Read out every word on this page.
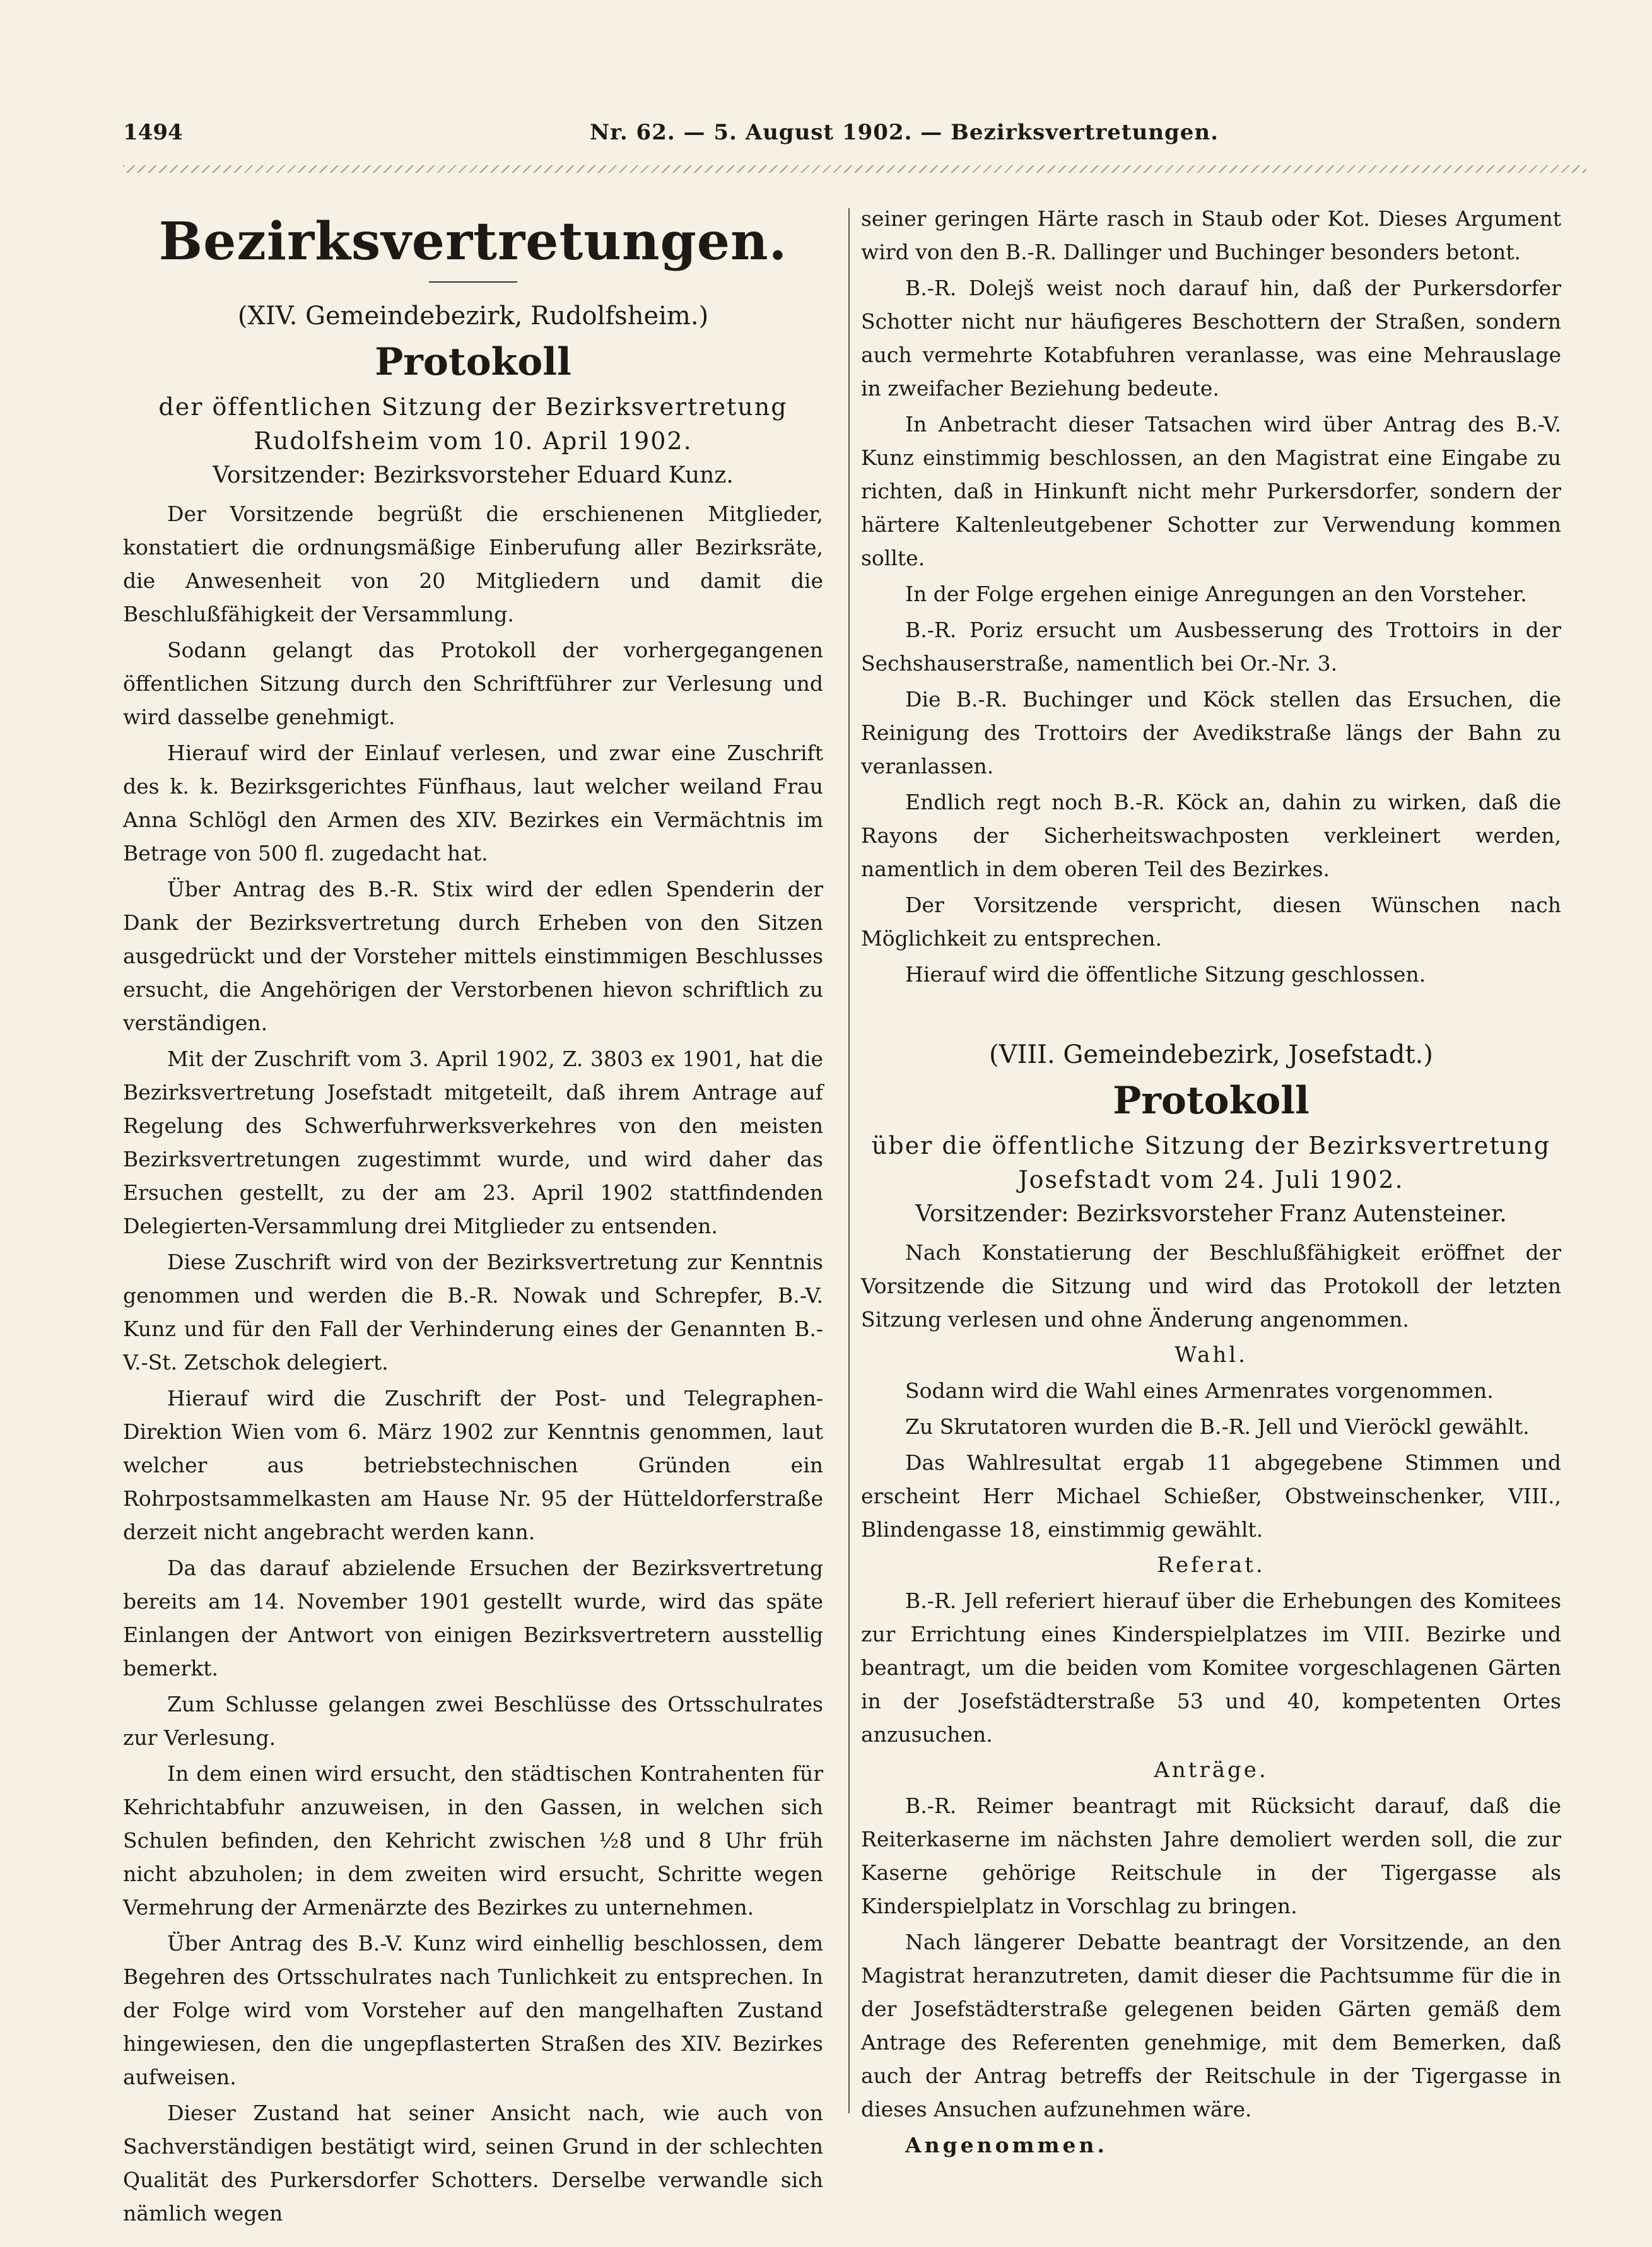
1494	Nr. 62. — 5. August 1902. — Bezirksvertretungen.
Bezirksvertretungen.
(XIV. Gemeindebezirk, Rudolfsheim.)
Protokoll
der öffentlichen Sitzung der Bezirksvertretung
Rudolfsheim vom 10. April 1902.
Vorsitzender: Bezirksvorsteher Eduard Kunz.

Der Vorsitzende begrüßt die erschienenen Mitglieder, konstatiert die ordnungsmäßige Einberufung aller Bezirksräte, die Anwesenheit von 20 Mitgliedern und damit die Beschlußfähigkeit der Versammlung.

Sodann gelangt das Protokoll der vorhergegangenen öffentlichen Sitzung durch den Schriftführer zur Verlesung und wird dasselbe genehmigt.

Hierauf wird der Einlauf verlesen, und zwar eine Zuschrift des k. k. Bezirksgerichtes Fünfhaus, laut welcher weiland Frau Anna Schlögl den Armen des XIV. Bezirkes ein Vermächtnis im Betrage von 500 fl. zugedacht hat.

Über Antrag des B.-R. Stix wird der edlen Spenderin der Dank der Bezirksvertretung durch Erheben von den Sitzen ausgedrückt und der Vorsteher mittels einstimmigen Beschlusses ersucht, die Angehörigen der Verstorbenen hievon schriftlich zu verständigen.

Mit der Zuschrift vom 3. April 1902, Z. 3803 ex 1901, hat die Bezirksvertretung Josefstadt mitgeteilt, daß ihrem Antrage auf Regelung des Schwerfuhrwerksverkehres von den meisten Bezirksvertretungen zugestimmt wurde, und wird daher das Ersuchen gestellt, zu der am 23. April 1902 stattfindenden Delegierten-Versammlung drei Mitglieder zu entsenden.

Diese Zuschrift wird von der Bezirksvertretung zur Kenntnis genommen und werden die B.-R. Nowak und Schrepfer, B.-V. Kunz und für den Fall der Verhinderung eines der Genannten B.-V.-St. Zetschok delegiert.

Hierauf wird die Zuschrift der Post- und Telegraphen-Direktion Wien vom 6. März 1902 zur Kenntnis genommen, laut welcher aus betriebstechnischen Gründen ein Rohrpostsammelkasten am Hause Nr. 95 der Hütteldorferstraße derzeit nicht angebracht werden kann.

Da das darauf abzielende Ersuchen der Bezirksvertretung bereits am 14. November 1901 gestellt wurde, wird das späte Einlangen der Antwort von einigen Bezirksvertretern ausstellig bemerkt.

Zum Schlusse gelangen zwei Beschlüsse des Ortsschulrates zur Verlesung.

In dem einen wird ersucht, den städtischen Kontrahenten für Kehrichtabfuhr anzuweisen, in den Gassen, in welchen sich Schulen befinden, den Kehricht zwischen ½8 und 8 Uhr früh nicht abzuholen; in dem zweiten wird ersucht, Schritte wegen Vermehrung der Armenärzte des Bezirkes zu unternehmen.

Über Antrag des B.-V. Kunz wird einhellig beschlossen, dem Begehren des Ortsschulrates nach Tunlichkeit zu entsprechen. In der Folge wird vom Vorsteher auf den mangelhaften Zustand hingewiesen, den die ungepflasterten Straßen des XIV. Bezirkes aufweisen.

Dieser Zustand hat seiner Ansicht nach, wie auch von Sachverständigen bestätigt wird, seinen Grund in der schlechten Qualität des Purkersdorfer Schotters. Derselbe verwandle sich nämlich wegen

seiner geringen Härte rasch in Staub oder Kot. Dieses Argument wird von den B.-R. Dallinger und Buchinger besonders betont.

B.-R. Dolejš weist noch darauf hin, daß der Purkersdorfer Schotter nicht nur häufigeres Beschottern der Straßen, sondern auch vermehrte Kotabfuhren veranlasse, was eine Mehrauslage in zweifacher Beziehung bedeute.

In Anbetracht dieser Tatsachen wird über Antrag des B.-V. Kunz einstimmig beschlossen, an den Magistrat eine Eingabe zu richten, daß in Hinkunft nicht mehr Purkersdorfer, sondern der härtere Kaltenleutgebener Schotter zur Verwendung kommen sollte.

In der Folge ergehen einige Anregungen an den Vorsteher.

B.-R. Poriz ersucht um Ausbesserung des Trottoirs in der Sechshauserstraße, namentlich bei Or.-Nr. 3.

Die B.-R. Buchinger und Köck stellen das Ersuchen, die Reinigung des Trottoirs der Avedikstraße längs der Bahn zu veranlassen.

Endlich regt noch B.-R. Köck an, dahin zu wirken, daß die Rayons der Sicherheitswachposten verkleinert werden, namentlich in dem oberen Teil des Bezirkes.

Der Vorsitzende verspricht, diesen Wünschen nach Möglichkeit zu entsprechen.

Hierauf wird die öffentliche Sitzung geschlossen.

(VIII. Gemeindebezirk, Josefstadt.)
Protokoll
über die öffentliche Sitzung der Bezirksvertretung
Josefstadt vom 24. Juli 1902.
Vorsitzender: Bezirksvorsteher Franz Autensteiner.

Nach Konstatierung der Beschlußfähigkeit eröffnet der Vorsitzende die Sitzung und wird das Protokoll der letzten Sitzung verlesen und ohne Änderung angenommen.

Wahl.

Sodann wird die Wahl eines Armenrates vorgenommen.

Zu Skrutatoren wurden die B.-R. Jell und Vieröckl gewählt.

Das Wahlresultat ergab 11 abgegebene Stimmen und erscheint Herr Michael Schießer, Obstweinschenker, VIII., Blindengasse 18, einstimmig gewählt.

Referat.

B.-R. Jell referiert hierauf über die Erhebungen des Komitees zur Errichtung eines Kinderspielplatzes im VIII. Bezirke und beantragt, um die beiden vom Komitee vorgeschlagenen Gärten in der Josefstädterstraße 53 und 40, kompetenten Ortes anzusuchen.

Anträge.

B.-R. Reimer beantragt mit Rücksicht darauf, daß die Reiterkaserne im nächsten Jahre demoliert werden soll, die zur Kaserne gehörige Reitschule in der Tigergasse als Kinderspielplatz in Vorschlag zu bringen.

Nach längerer Debatte beantragt der Vorsitzende, an den Magistrat heranzutreten, damit dieser die Pachtsumme für die in der Josefstädterstraße gelegenen beiden Gärten gemäß dem Antrage des Referenten genehmige, mit dem Bemerken, daß auch der Antrag betreffs der Reitschule in der Tigergasse in dieses Ansuchen aufzunehmen wäre.

Angenommen.
